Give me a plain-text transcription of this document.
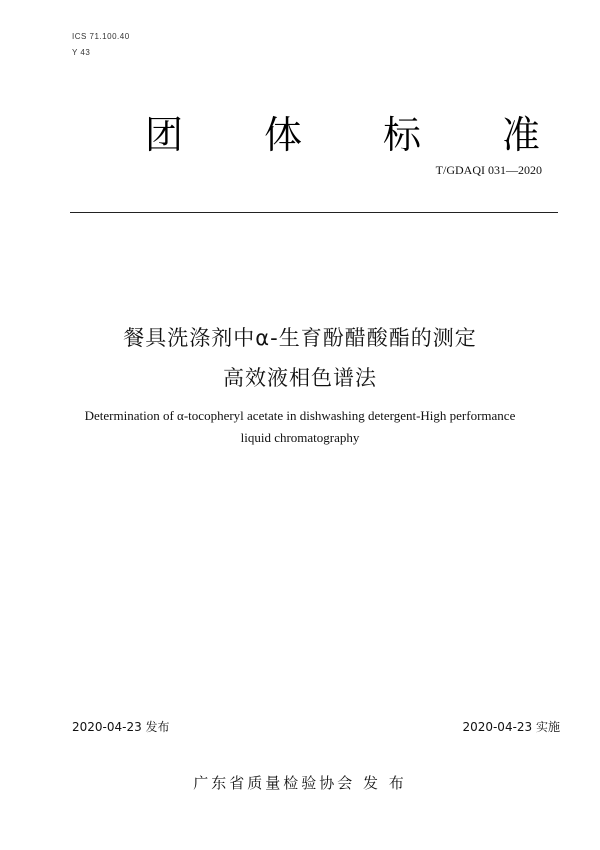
ICS 71.100.40
Y 43
团 体 标 准
T/GDAQI 031—2020
餐具洗涤剂中α-生育酚醋酸酯的测定
高效液相色谱法
Determination of α-tocopheryl acetate in dishwashing detergent-High performance
liquid chromatography
2020-04-23 发布	2020-04-23 实施
广东省质量检验协会 发 布
